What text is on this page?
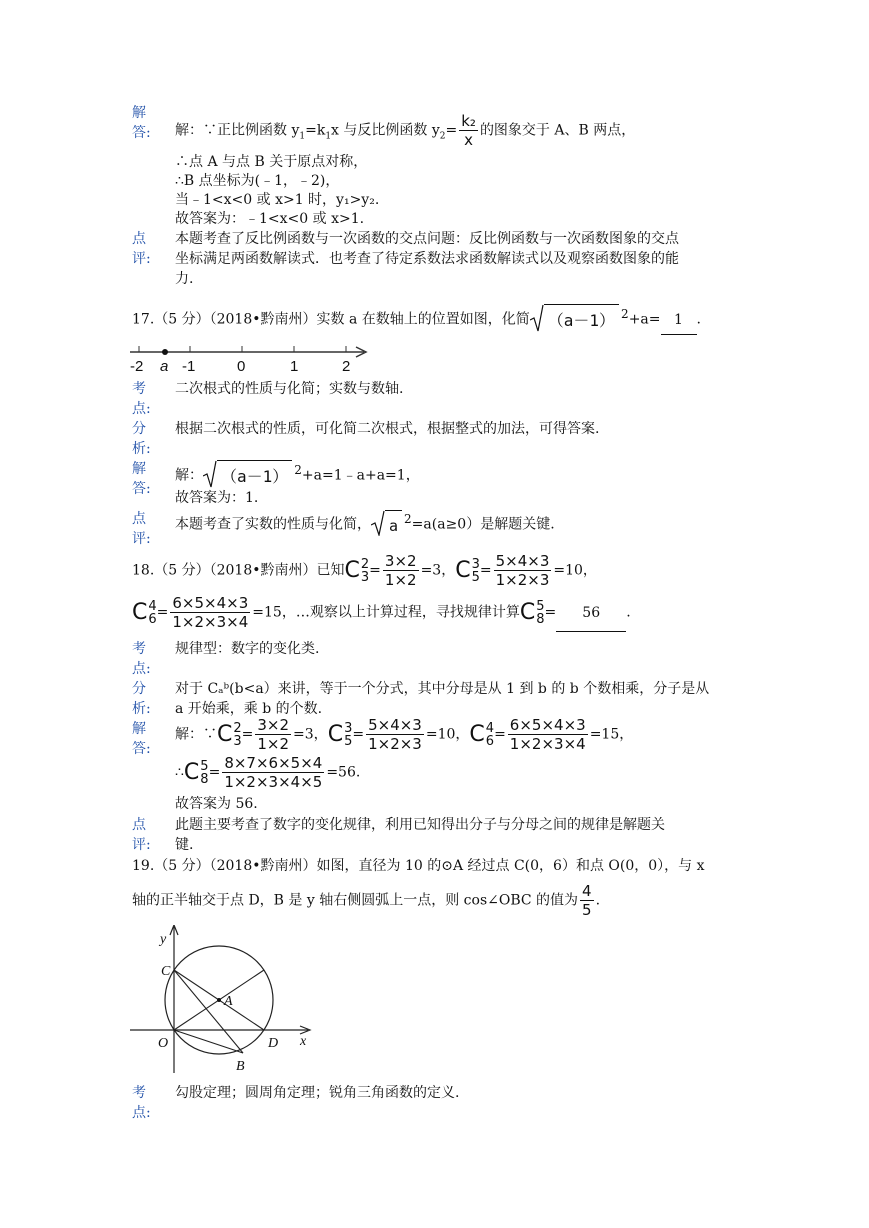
解
答: 解：∵正比例函数 $y_1=k_1x$ 与反比例函数 $y_2= \frac{\text{k₂}}{x}$ 的图象交于 A、B 两点，
∴点 A 与点 B 关于原点对称，
∴B 点坐标为(﹣1，﹣2)，
当﹣1<x<0 或 x>1 时，y₁>y₂.
故答案为：﹣1<x<0 或 x>1.
点
评:
本题考查了反比例函数与一次函数的交点问题：反比例函数与一次函数图象的交点
坐标满足两函数解读式．也考查了待定系数法求函数解读式以及观察函数图象的能
力.
17.（5 分）（2018•黔南州）实数 a 在数轴上的位置如图，化简 （a－1） $^2$+a= 1 .
-2 a -1	0	1	2
考
点:
二次根式的性质与化简；实数与数轴.
分
析:
根据二次根式的性质，可化简二次根式，根据整式的加法，可得答案.
解
答:
解： （a－1） $^2$+a=1﹣a+a=1，
故答案为：1.
点
评:
本题考查了实数的性质与化简， a $^2$=a(a≥0）是解题关键.
18.（5 分）（2018•黔南州）已知 C 2
$3 = \frac{3\times 2}{1\times 2} =3$， C 3
$5 = \frac{5\times 4\times 3}{1\times 2\times 3} =10$，
C 4
$6 = \frac{6\times 5\times 4\times 3}{1\times 2\times 3\times 4} =15$，…观察以上计算过程，寻找规律计算 C 5
8 = 56 .
考
点:
规律型：数字的变化类.
分
析:
对于 Cₐᵇ(b<a）来讲，等于一个分式，其中分母是从 1 到 b 的 b 个数相乘，分子是从
a 开始乘，乘 b 的个数.
解
答:
解：∵ C 2
$3 = \frac{3\times 2}{1\times 2} =3$， C 3
$5 = \frac{5\times 4\times 3}{1\times 2\times 3} =10$， C 4
$6 = \frac{6\times 5\times 4\times 3}{1\times 2\times 3\times 4} =15$，
∴ C 5
$8 = \frac{8\times 7\times 6\times 5\times 4}{1\times 2\times 3\times 4\times 5} =56$.
故答案为 56.
点
评:
此题主要考查了数字的变化规律，利用已知得出分子与分母之间的规律是解题关
键.
19.（5 分）（2018•黔南州）如图，直径为 10 的⊙A 经过点 C(0，6）和点 O(0，0），与 x
轴的正半轴交于点 D，B 是 y 轴右侧圆弧上一点，则 cos∠OBC 的值为 $\frac{4}{5}$ .
y
C
A
O	D x
B
考
点:
勾股定理；圆周角定理；锐角三角函数的定义.
